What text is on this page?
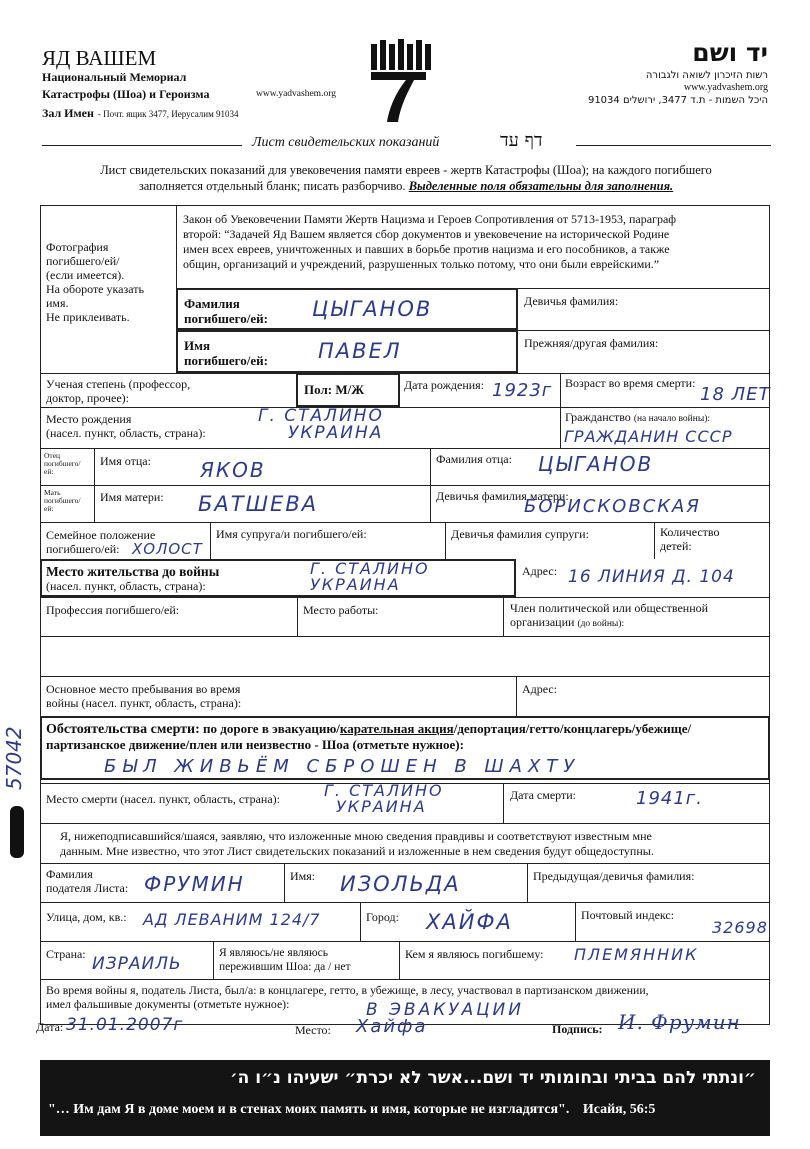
ЯД ВАШЕМ
Национальный Мемориал
Катастрофы (Шоа) и Героизма	www.yadvashem.org
Зал Имен - Почт. ящик 3477, Иерусалим 91034
יד ושם
רשות הזיכרון לשואה ולגבורה
www.yadvashem.org
היכל השמות - ת.ד 3477, ירושלים 91034
Лист свидетельских показаний	דף עד
Лист свидетельских показаний для увековечения памяти евреев - жертв Катастрофы (Шоа); на каждого погибшего
заполняется отдельный бланк; писать разборчиво. Выделенные поля обязательны для заполнения.
Фотография
погибшего/ей/
(если имеется).
На обороте указать
имя.
Не приклеивать.
Закон об Увековечении Памяти Жертв Нацизма и Героев Сопротивления от 5713-1953, параграф
второй: “Задачей Яд Вашем является сбор документов и увековечение на исторической Родине
имен всех евреев, уничтоженных и павших в борьбе против нацизма и его пособников, а также
общин, организаций и учреждений, разрушенных только потому, что они были еврейскими.”
Фамилия
погибшего/ей: ЦЫГАНОВ	Девичья фамилия:
Имя
погибшего/ей: ПАВЕЛ	Прежняя/другая фамилия:
Ученая степень (профессор,
доктор, прочее):
Пол: М/Ж	Дата рождения: 1923г Возраст во время смерти:
18 ЛЕТ
Место рождения
(насел. пункт, область, страна):
Г. СТАЛИНО
УКРАИНА
Гражданство (на начало войны):
ГРАЖДАНИН СССР
Отец
погибшего/
ей:
Имя отца: ЯКОВ	Фамилия отца: ЦЫГАНОВ
Мать
погибшего/
ей:
Имя матери: БАТШЕВА	Девичья фамилия матери:
БОРИСКОВСКАЯ
Семейное положение
погибшего/ей: ХОЛОСТ
Имя супруга/и погибшего/ей:	Девичья фамилия супруги:	Количество
детей:
Место жительства до войны
(насел. пункт, область, страна):
Г. СТАЛИНО
УКРАИНА
Адрес: 16 ЛИНИЯ Д. 104
Профессия погибшего/ей:	Место работы:	Член политической или общественной
организации (до войны):
Основное место пребывания во время
войны (насел. пункт, область, страна):
Адрес:
Обстоятельства смерти: по дороге в эвакуацию/карательная акция/депортация/гетто/концлагерь/убежище/
партизанское движение/плен или неизвестно - Шоа (отметьте нужное):
БЫЛ ЖИВЬЁМ СБРОШЕН В ШАХТУ
Место смерти (насел. пункт, область, страна):	Г. СТАЛИНО
УКРАИНА
Дата смерти:	1941г.
Я, нижеподписавшийся/шаяся, заявляю, что изложенные мною сведения правдивы и соответствуют известным мне
данным. Мне известно, что этот Лист свидетельских показаний и изложенные в нем сведения будут общедоступны.
Фамилия
подателя Листа: ФРУМИН	Имя: ИЗОЛЬДА	Предыдущая/девичья фамилия:
Улица, дом, кв.: АД ЛЕВАНИМ 124/7	Город: ХАЙФА	Почтовый индекс:
32698
Страна: ИЗРАИЛЬ
Я являюсь/не являюсь
пережившим Шоа: да / нет
Кем я являюсь погибшему: ПЛЕМЯННИК
Во время войны я, податель Листа, был/а: в концлагере, гетто, в убежище, в лесу, участвовал в партизанском движении,
имел фальшивые документы (отметьте нужное):	В ЭВАКУАЦИИ
Дата: 31.01.2007г	Место: Хайфа	Подпись: И. Фрумин
״ונתתי להם בביתי ובחומותי יד ושם...אשר לא יכרת״ ישעיהו נ״ו ה׳
"… Им дам Я в доме моем и в стенах моих память и имя, которые не изгладятся". Исайя, 56:5
57042
